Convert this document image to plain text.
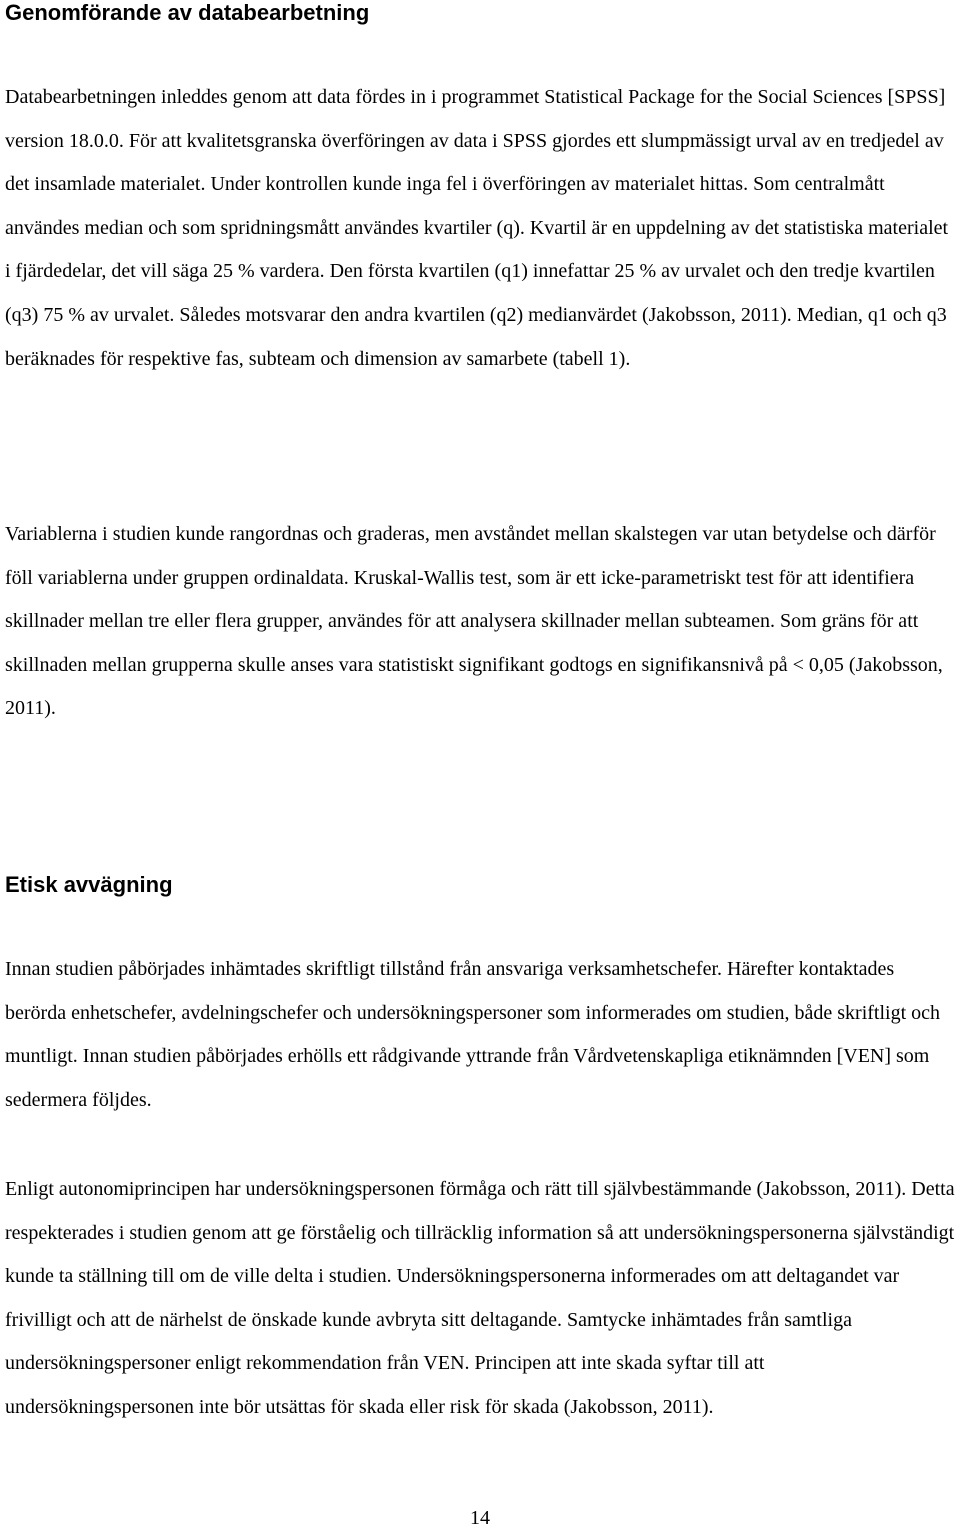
Genomförande av databearbetning

Databearbetningen inleddes genom att data fördes in i programmet Statistical Package for the Social Sciences [SPSS] version 18.0.0. För att kvalitetsgranska överföringen av data i SPSS gjordes ett slumpmässigt urval av en tredjedel av det insamlade materialet. Under kontrollen kunde inga fel i överföringen av materialet hittas. Som centralmått användes median och som spridningsmått användes kvartiler (q). Kvartil är en uppdelning av det statistiska materialet i fjärdedelar, det vill säga 25 % vardera. Den första kvartilen (q1) innefattar 25 % av urvalet och den tredje kvartilen (q3) 75 % av urvalet. Således motsvarar den andra kvartilen (q2) medianvärdet (Jakobsson, 2011). Median, q1 och q3 beräknades för respektive fas, subteam och dimension av samarbete (tabell 1).

Variablerna i studien kunde rangordnas och graderas, men avståndet mellan skalstegen var utan betydelse och därför föll variablerna under gruppen ordinaldata. Kruskal-Wallis test, som är ett icke-parametriskt test för att identifiera skillnader mellan tre eller flera grupper, användes för att analysera skillnader mellan subteamen. Som gräns för att skillnaden mellan grupperna skulle anses vara statistiskt signifikant godtogs en signifikansnivå på < 0,05 (Jakobsson, 2011).

Etisk avvägning

Innan studien påbörjades inhämtades skriftligt tillstånd från ansvariga verksamhetschefer. Härefter kontaktades berörda enhetschefer, avdelningschefer och undersökningspersoner som informerades om studien, både skriftligt och muntligt. Innan studien påbörjades erhölls ett rådgivande yttrande från Vårdvetenskapliga etiknämnden [VEN] som sedermera följdes.

Enligt autonomiprincipen har undersökningspersonen förmåga och rätt till självbestämmande (Jakobsson, 2011). Detta respekterades i studien genom att ge förståelig och tillräcklig information så att undersökningspersonerna självständigt kunde ta ställning till om de ville delta i studien. Undersökningspersonerna informerades om att deltagandet var frivilligt och att de närhelst de önskade kunde avbryta sitt deltagande. Samtycke inhämtades från samtliga undersökningspersoner enligt rekommendation från VEN. Principen att inte skada syftar till att undersökningspersonen inte bör utsättas för skada eller risk för skada (Jakobsson, 2011).

14
